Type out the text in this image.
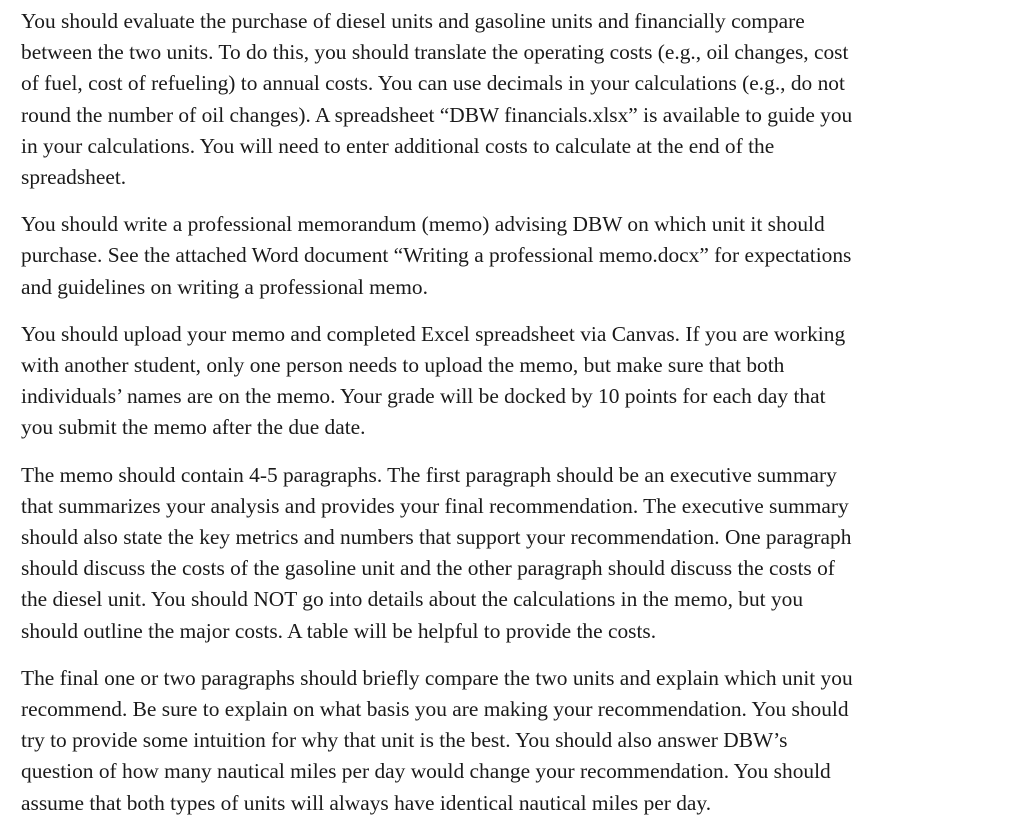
You should evaluate the purchase of diesel units and gasoline units and financially compare
between the two units. To do this, you should translate the operating costs (e.g., oil changes, cost
of fuel, cost of refueling) to annual costs. You can use decimals in your calculations (e.g., do not
round the number of oil changes). A spreadsheet “DBW financials.xlsx” is available to guide you
in your calculations. You will need to enter additional costs to calculate at the end of the
spreadsheet.

You should write a professional memorandum (memo) advising DBW on which unit it should
purchase. See the attached Word document “Writing a professional memo.docx” for expectations
and guidelines on writing a professional memo.

You should upload your memo and completed Excel spreadsheet via Canvas. If you are working
with another student, only one person needs to upload the memo, but make sure that both
individuals’ names are on the memo. Your grade will be docked by 10 points for each day that
you submit the memo after the due date.

The memo should contain 4-5 paragraphs. The first paragraph should be an executive summary
that summarizes your analysis and provides your final recommendation. The executive summary
should also state the key metrics and numbers that support your recommendation. One paragraph
should discuss the costs of the gasoline unit and the other paragraph should discuss the costs of
the diesel unit. You should NOT go into details about the calculations in the memo, but you
should outline the major costs. A table will be helpful to provide the costs.

The final one or two paragraphs should briefly compare the two units and explain which unit you
recommend. Be sure to explain on what basis you are making your recommendation. You should
try to provide some intuition for why that unit is the best. You should also answer DBW’s
question of how many nautical miles per day would change your recommendation. You should
assume that both types of units will always have identical nautical miles per day.
